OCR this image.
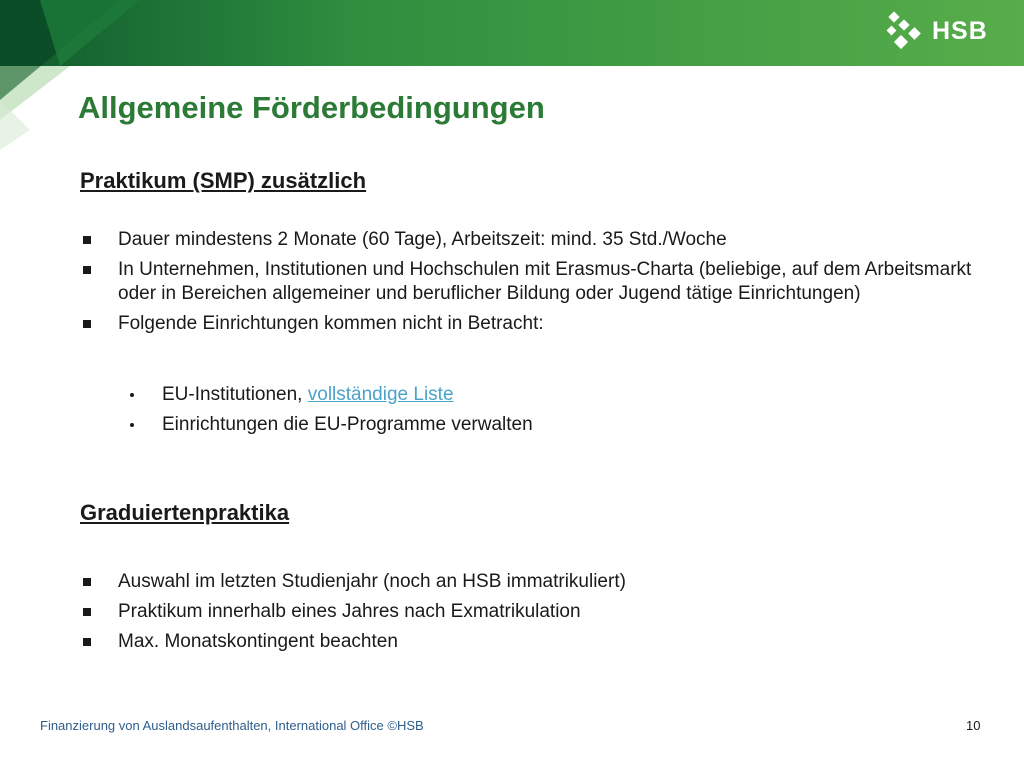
HSB
Allgemeine Förderbedingungen
Praktikum (SMP) zusätzlich
Dauer mindestens 2 Monate (60 Tage), Arbeitszeit: mind. 35 Std./Woche
In Unternehmen, Institutionen und Hochschulen mit Erasmus-Charta (beliebige, auf dem Arbeitsmarkt oder in Bereichen allgemeiner und beruflicher Bildung oder Jugend tätige Einrichtungen)
Folgende Einrichtungen kommen nicht in Betracht:
EU-Institutionen, vollständige Liste
Einrichtungen die EU-Programme verwalten
Graduiertenpraktika
Auswahl im letzten Studienjahr (noch an HSB immatrikuliert)
Praktikum innerhalb eines Jahres nach Exmatrikulation
Max. Monatskontingent beachten
Finanzierung von Auslandsaufenthalten, International Office ©HSB	10
